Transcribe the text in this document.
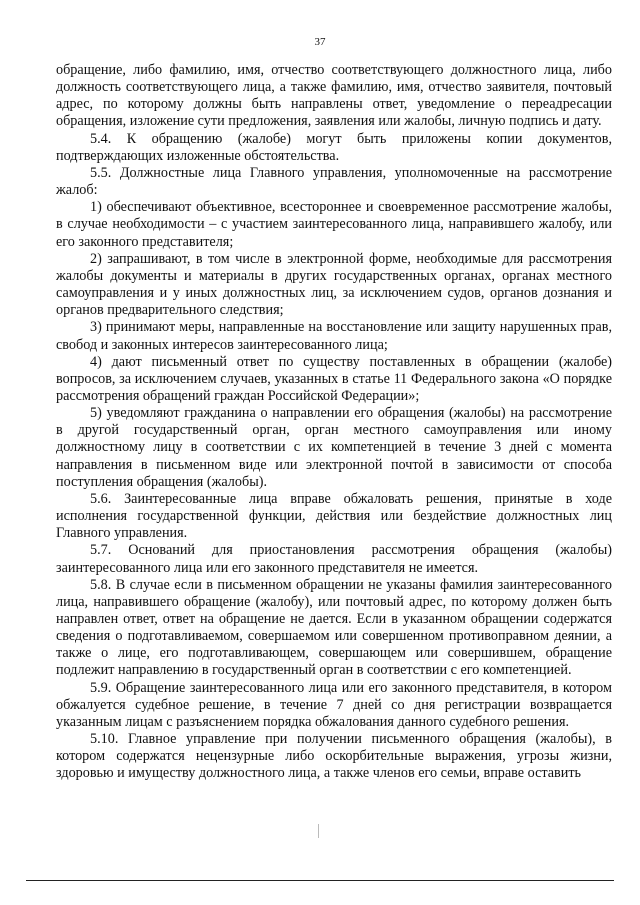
37

обращение, либо фамилию, имя, отчество соответствующего должностного лица, либо должность соответствующего лица, а также фамилию, имя, отчество заявителя, почтовый адрес, по которому должны быть направлены ответ, уведомление о переадресации обращения, изложение сути предложения, заявления или жалобы, личную подпись и дату.

5.4. К обращению (жалобе) могут быть приложены копии документов, подтверждающих изложенные обстоятельства.

5.5. Должностные лица Главного управления, уполномоченные на рассмотрение жалоб:

1) обеспечивают объективное, всестороннее и своевременное рассмотрение жалобы, в случае необходимости – с участием заинтересованного лица, направившего жалобу, или его законного представителя;

2) запрашивают, в том числе в электронной форме, необходимые для рассмотрения жалобы документы и материалы в других государственных органах, органах местного самоуправления и у иных должностных лиц, за исключением судов, органов дознания и органов предварительного следствия;

3) принимают меры, направленные на восстановление или защиту нарушенных прав, свобод и законных интересов заинтересованного лица;

4) дают письменный ответ по существу поставленных в обращении (жалобе) вопросов, за исключением случаев, указанных в статье 11 Федерального закона «О порядке рассмотрения обращений граждан Российской Федерации»;

5) уведомляют гражданина о направлении его обращения (жалобы) на рассмотрение в другой государственный орган, орган местного самоуправления или иному должностному лицу в соответствии с их компетенцией в течение 3 дней с момента направления в письменном виде или электронной почтой в зависимости от способа поступления обращения (жалобы).

5.6. Заинтересованные лица вправе обжаловать решения, принятые в ходе исполнения государственной функции, действия или бездействие должностных лиц Главного управления.

5.7. Оснований для приостановления рассмотрения обращения (жалобы) заинтересованного лица или его законного представителя не имеется.

5.8. В случае если в письменном обращении не указаны фамилия заинтересованного лица, направившего обращение (жалобу), или почтовый адрес, по которому должен быть направлен ответ, ответ на обращение не дается. Если в указанном обращении содержатся сведения о подготавливаемом, совершаемом или совершенном противоправном деянии, а также о лице, его подготавливающем, совершающем или совершившем, обращение подлежит направлению в государственный орган в соответствии с его компетенцией.

5.9. Обращение заинтересованного лица или его законного представителя, в котором обжалуется судебное решение, в течение 7 дней со дня регистрации возвращается указанным лицам с разъяснением порядка обжалования данного судебного решения.

5.10. Главное управление при получении письменного обращения (жалобы), в котором содержатся нецензурные либо оскорбительные выражения, угрозы жизни, здоровью и имуществу должностного лица, а также членов его семьи, вправе оставить
